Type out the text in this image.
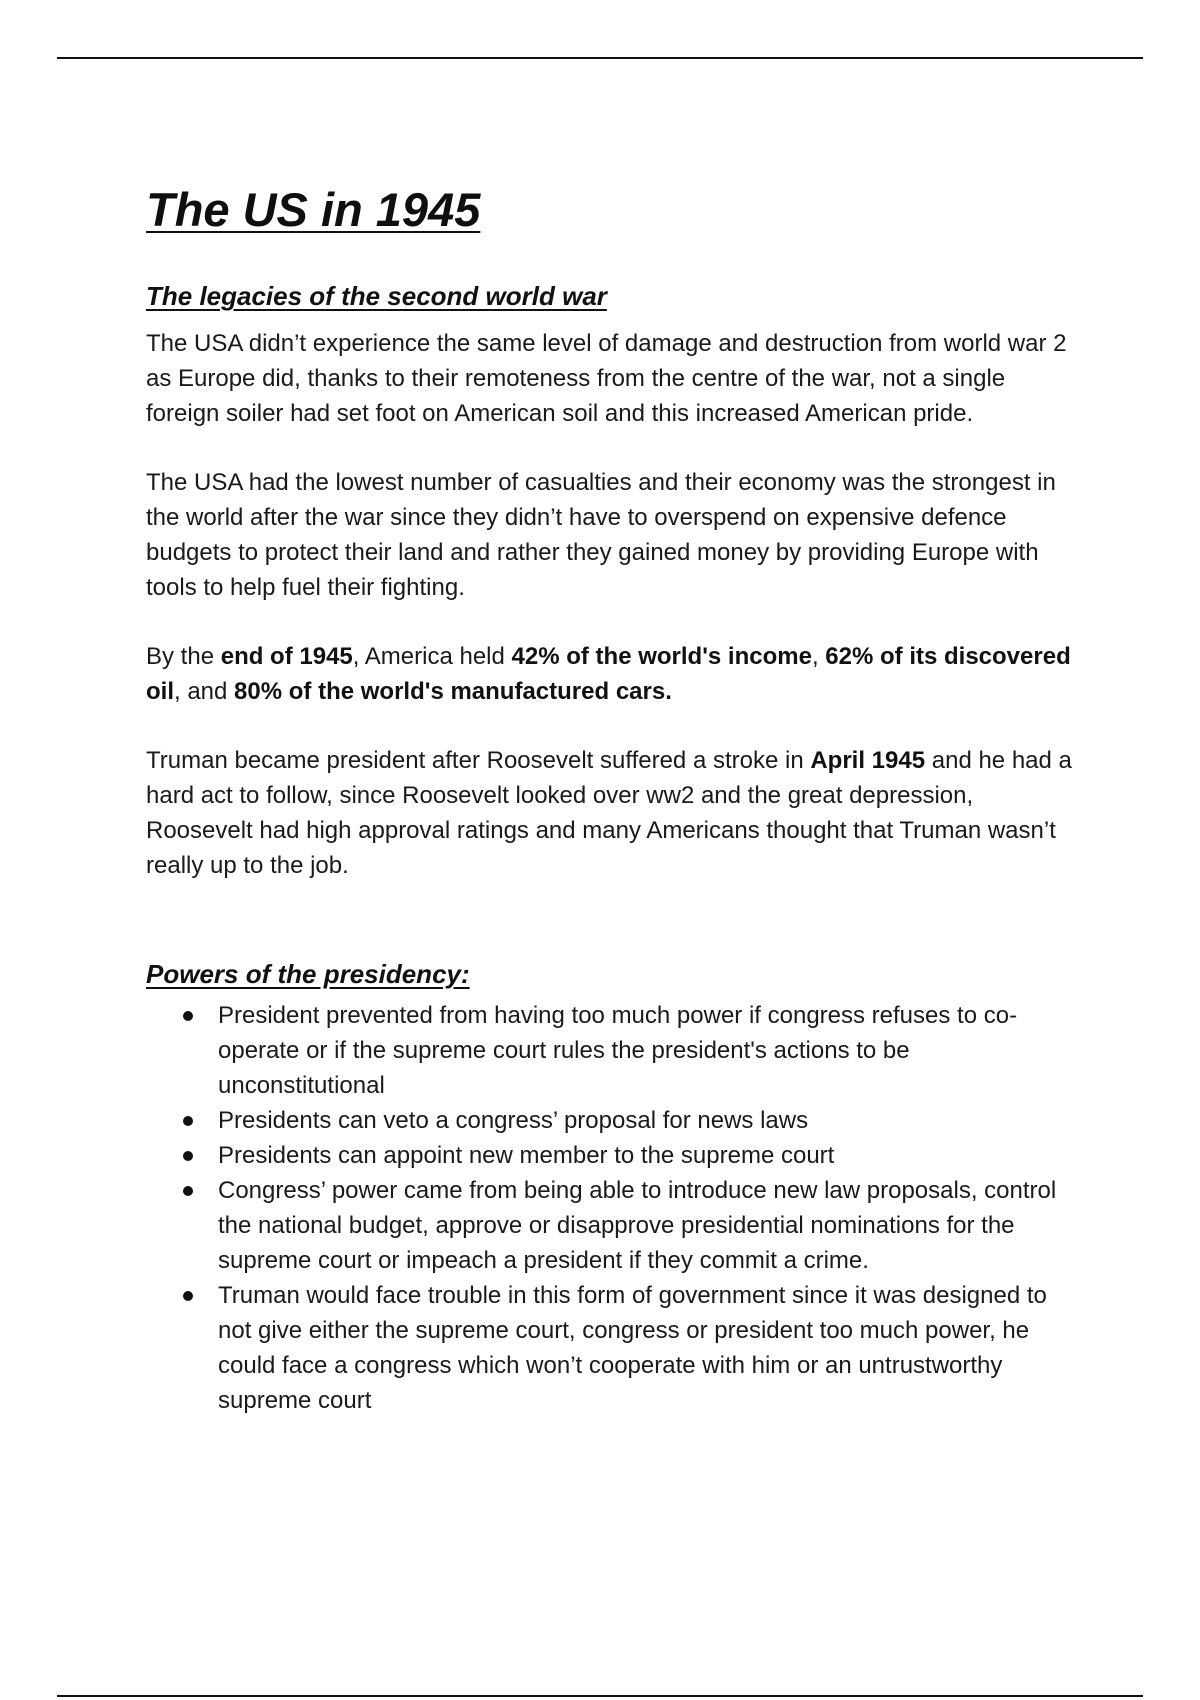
The US in 1945
The legacies of the second world war

The USA didn’t experience the same level of damage and destruction from world war 2 as Europe did, thanks to their remoteness from the centre of the war, not a single foreign soiler had set foot on American soil and this increased American pride.

The USA had the lowest number of casualties and their economy was the strongest in the world after the war since they didn’t have to overspend on expensive defence budgets to protect their land and rather they gained money by providing Europe with tools to help fuel their fighting.

By the end of 1945, America held 42% of the world's income, 62% of its discovered oil, and 80% of the world's manufactured cars.

Truman became president after Roosevelt suffered a stroke in April 1945 and he had a hard act to follow, since Roosevelt looked over ww2 and the great depression, Roosevelt had high approval ratings and many Americans thought that Truman wasn’t really up to the job.

Powers of the presidency:
President prevented from having too much power if congress refuses to co-operate or if the supreme court rules the president's actions to be unconstitutional
Presidents can veto a congress’ proposal for news laws
Presidents can appoint new member to the supreme court
Congress’ power came from being able to introduce new law proposals, control the national budget, approve or disapprove presidential nominations for the supreme court or impeach a president if they commit a crime.
Truman would face trouble in this form of government since it was designed to not give either the supreme court, congress or president too much power, he could face a congress which won’t cooperate with him or an untrustworthy supreme court
